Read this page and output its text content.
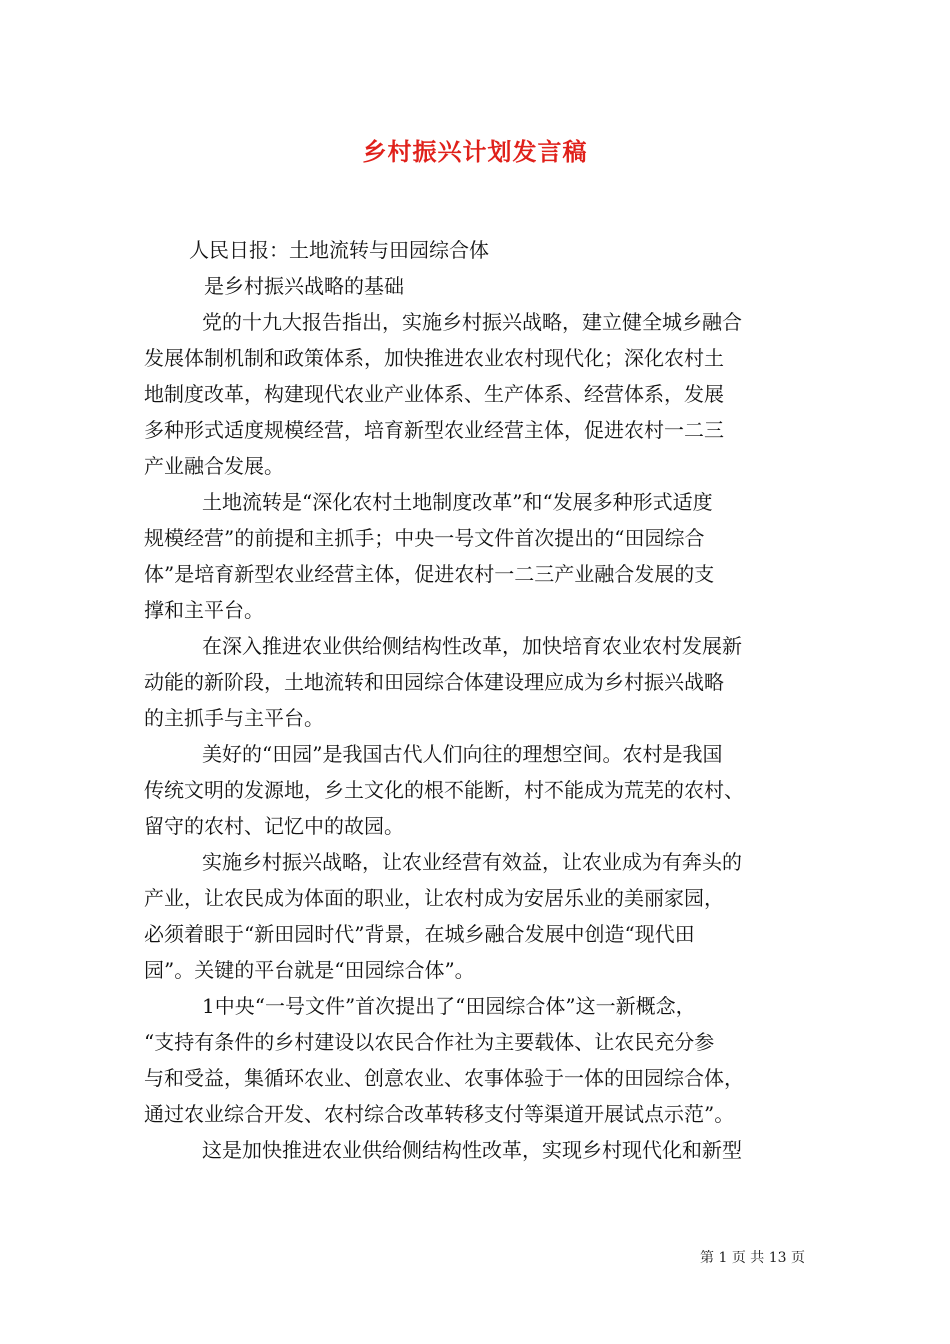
乡村振兴计划发言稿
人民日报：土地流转与田园综合体
是乡村振兴战略的基础
党的十九大报告指出，实施乡村振兴战略，建立健全城乡融合
发展体制机制和政策体系，加快推进农业农村现代化；深化农村土
地制度改革，构建现代农业产业体系、生产体系、经营体系，发展
多种形式适度规模经营，培育新型农业经营主体，促进农村一二三
产业融合发展。
土地流转是“深化农村土地制度改革”和“发展多种形式适度
规模经营”的前提和主抓手；中央一号文件首次提出的“田园综合
体”是培育新型农业经营主体，促进农村一二三产业融合发展的支
撑和主平台。
在深入推进农业供给侧结构性改革，加快培育农业农村发展新
动能的新阶段，土地流转和田园综合体建设理应成为乡村振兴战略
的主抓手与主平台。
美好的“田园”是我国古代人们向往的理想空间。农村是我国
传统文明的发源地，乡土文化的根不能断，村不能成为荒芜的农村、
留守的农村、记忆中的故园。
实施乡村振兴战略，让农业经营有效益，让农业成为有奔头的
产业，让农民成为体面的职业，让农村成为安居乐业的美丽家园，
必须着眼于“新田园时代”背景，在城乡融合发展中创造“现代田
园”。关键的平台就是“田园综合体”。
1中央“一号文件”首次提出了“田园综合体”这一新概念，
“支持有条件的乡村建设以农民合作社为主要载体、让农民充分参
与和受益，集循环农业、创意农业、农事体验于一体的田园综合体，
通过农业综合开发、农村综合改革转移支付等渠道开展试点示范”。
这是加快推进农业供给侧结构性改革，实现乡村现代化和新型
第 1 页 共 13 页
